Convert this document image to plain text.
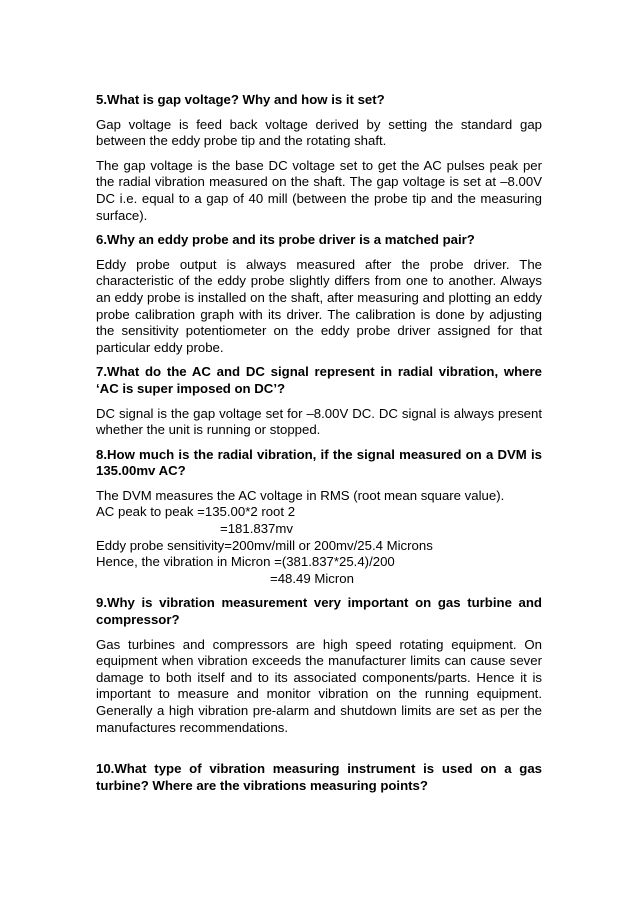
5.What is gap voltage? Why and how is it set?

Gap voltage is feed back voltage derived by setting the standard gap between the eddy probe tip and the rotating shaft.

The gap voltage is the base DC voltage set to get the AC pulses peak per the radial vibration measured on the shaft. The gap voltage is set at –8.00V DC i.e. equal to a gap of 40 mill (between the probe tip and the measuring surface).

6.Why an eddy probe and its probe driver is a matched pair?

Eddy probe output is always measured after the probe driver. The characteristic of the eddy probe slightly differs from one to another. Always an eddy probe is installed on the shaft, after measuring and plotting an eddy probe calibration graph with its driver. The calibration is done by adjusting the sensitivity potentiometer on the eddy probe driver assigned for that particular eddy probe.

7.What do the AC and DC signal represent in radial vibration, where ‘AC is super imposed on DC’?

DC signal is the gap voltage set for –8.00V DC. DC signal is always present whether the unit is running or stopped.

8.How much is the radial vibration, if the signal measured on a DVM is 135.00mv AC?

The DVM measures the AC voltage in RMS (root mean square value).

AC peak to peak =135.00*2 root 2

=181.837mv

Eddy probe sensitivity=200mv/mill or 200mv/25.4 Microns

Hence, the vibration in Micron =(381.837*25.4)/200

=48.49 Micron

9.Why is vibration measurement very important on gas turbine and compressor?

Gas turbines and compressors are high speed rotating equipment. On equipment when vibration exceeds the manufacturer limits can cause sever damage to both itself and to its associated components/parts. Hence it is important to measure and monitor vibration on the running equipment. Generally a high vibration pre-alarm and shutdown limits are set as per the manufactures recommendations.

10.What type of vibration measuring instrument is used on a gas turbine? Where are the vibrations measuring points?
